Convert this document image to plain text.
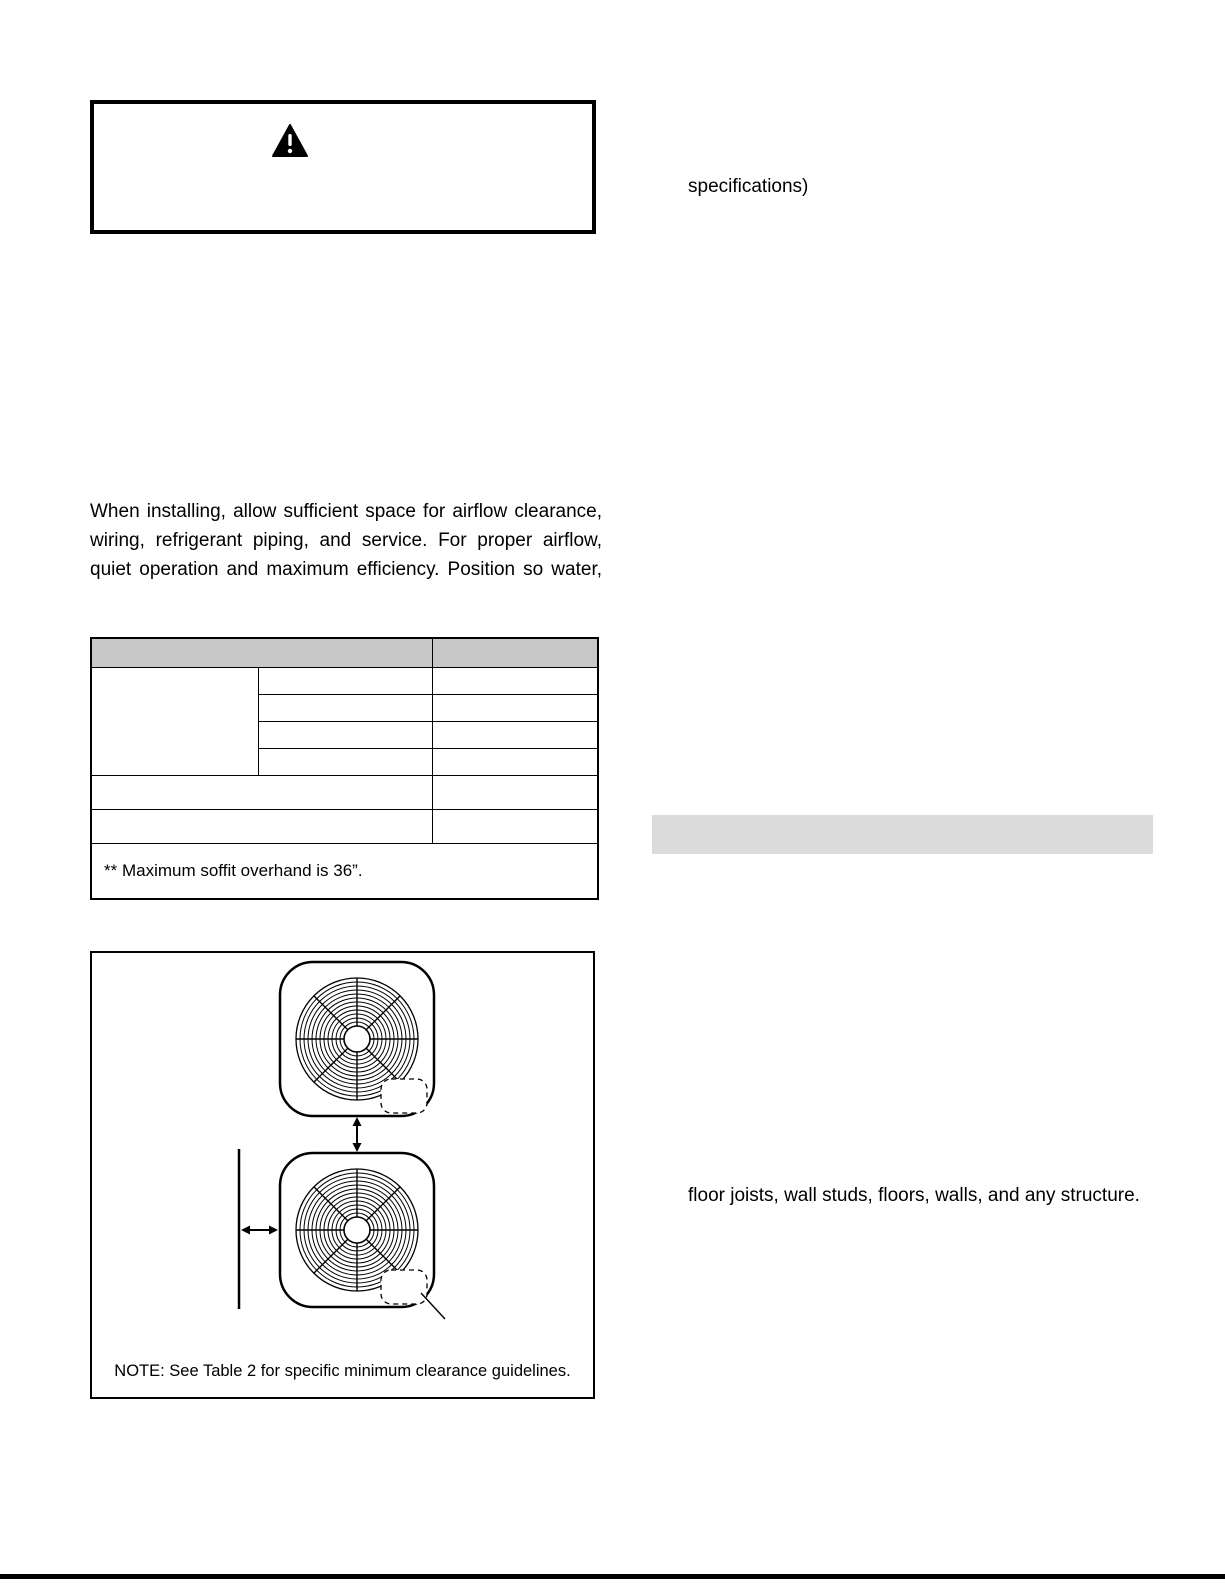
specifications)
When installing, allow sufficient space for airflow clearance,
wiring, refrigerant piping, and service. For proper airflow,
quiet operation and maximum efficiency. Position so water,

** Maximum soffit overhand is 36”.		
NOTE: See Table 2 for specific minimum clearance guidelines.
floor joists, wall studs, floors, walls, and any structure.
